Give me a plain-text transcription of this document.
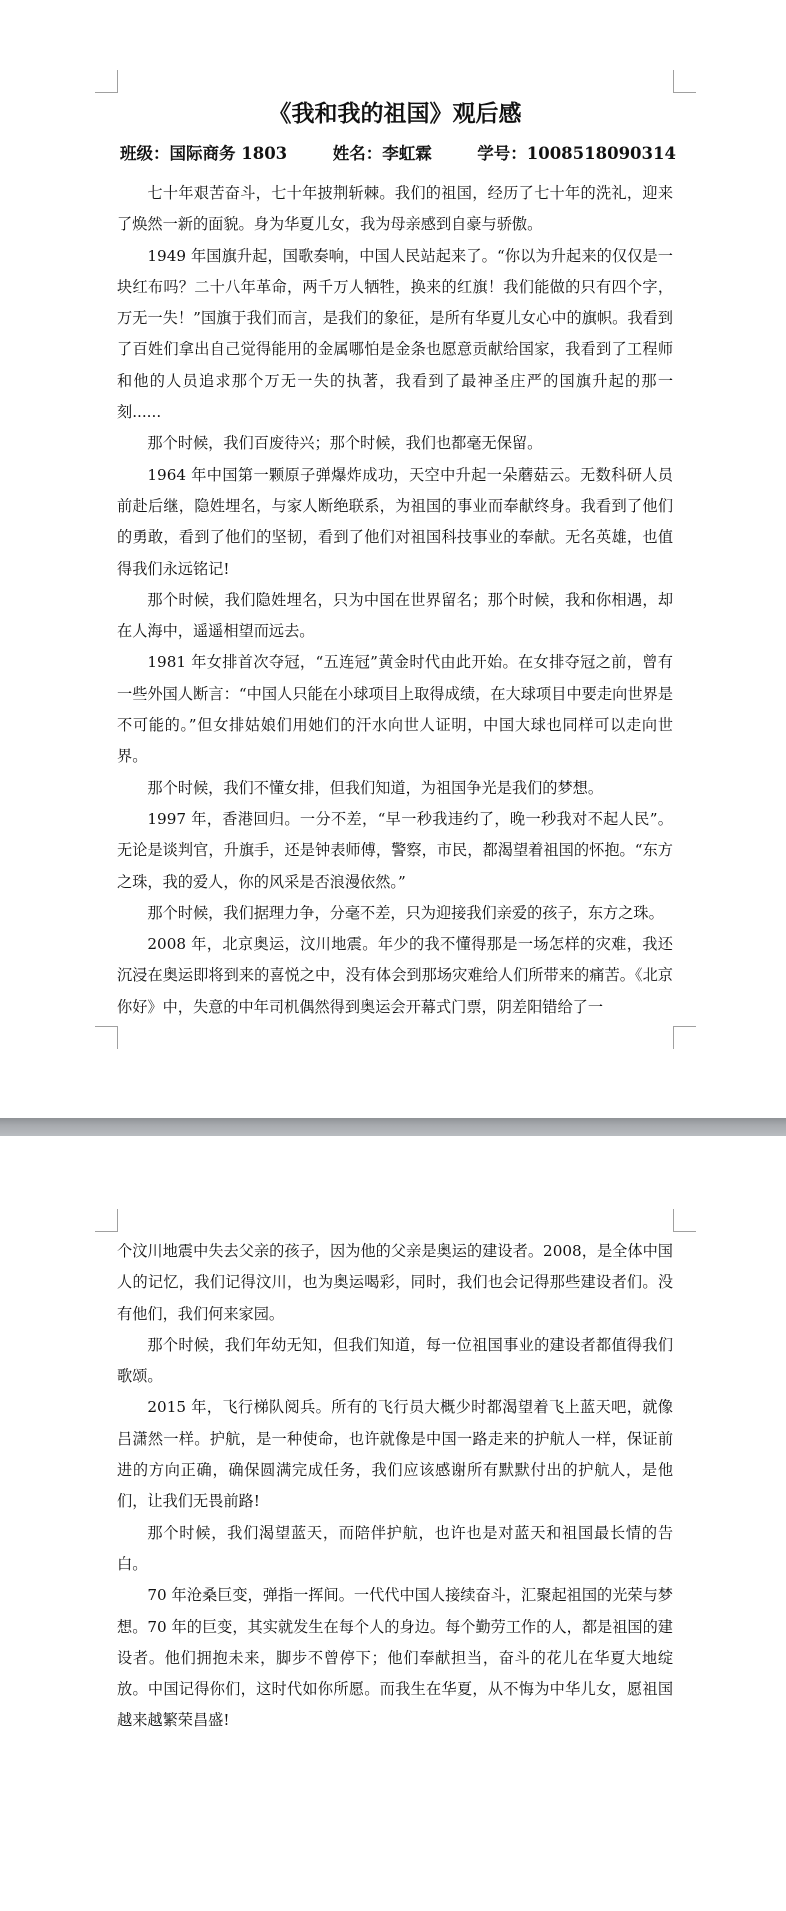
《我和我的祖国》观后感
班级：国际商务 1803	姓名：李虹霖	学号：1008518090314

七十年艰苦奋斗，七十年披荆斩棘。我们的祖国，经历了七十年的洗礼，迎来了焕然一新的面貌。身为华夏儿女，我为母亲感到自豪与骄傲。

1949 年国旗升起，国歌奏响，中国人民站起来了。“你以为升起来的仅仅是一块红布吗？二十八年革命，两千万人牺牲，换来的红旗！我们能做的只有四个字，万无一失！”国旗于我们而言，是我们的象征，是所有华夏儿女心中的旗帜。我看到了百姓们拿出自己觉得能用的金属哪怕是金条也愿意贡献给国家，我看到了工程师和他的人员追求那个万无一失的执著，我看到了最神圣庄严的国旗升起的那一刻......

那个时候，我们百废待兴；那个时候，我们也都毫无保留。

1964 年中国第一颗原子弹爆炸成功，天空中升起一朵蘑菇云。无数科研人员前赴后继，隐姓埋名，与家人断绝联系，为祖国的事业而奉献终身。我看到了他们的勇敢，看到了他们的坚韧，看到了他们对祖国科技事业的奉献。无名英雄，也值得我们永远铭记!

那个时候，我们隐姓埋名，只为中国在世界留名；那个时候，我和你相遇，却在人海中，遥遥相望而远去。

1981 年女排首次夺冠，“五连冠”黄金时代由此开始。在女排夺冠之前，曾有一些外国人断言：“中国人只能在小球项目上取得成绩，在大球项目中要走向世界是不可能的。”但女排姑娘们用她们的汗水向世人证明，中国大球也同样可以走向世界。

那个时候，我们不懂女排，但我们知道，为祖国争光是我们的梦想。

1997 年，香港回归。一分不差，“早一秒我违约了，晚一秒我对不起人民”。无论是谈判官，升旗手，还是钟表师傅，警察，市民，都渴望着祖国的怀抱。“东方之珠，我的爱人，你的风采是否浪漫依然。”

那个时候，我们据理力争，分毫不差，只为迎接我们亲爱的孩子，东方之珠。

2008 年，北京奥运，汶川地震。年少的我不懂得那是一场怎样的灾难，我还沉浸在奥运即将到来的喜悦之中，没有体会到那场灾难给人们所带来的痛苦。《北京你好》中，失意的中年司机偶然得到奥运会开幕式门票，阴差阳错给了一

个汶川地震中失去父亲的孩子，因为他的父亲是奥运的建设者。2008，是全体中国人的记忆，我们记得汶川，也为奥运喝彩，同时，我们也会记得那些建设者们。没有他们，我们何来家园。

那个时候，我们年幼无知，但我们知道，每一位祖国事业的建设者都值得我们歌颂。

2015 年，飞行梯队阅兵。所有的飞行员大概少时都渴望着飞上蓝天吧，就像吕潇然一样。护航，是一种使命，也许就像是中国一路走来的护航人一样，保证前进的方向正确，确保圆满完成任务，我们应该感谢所有默默付出的护航人，是他们，让我们无畏前路!

那个时候，我们渴望蓝天，而陪伴护航，也许也是对蓝天和祖国最长情的告白。

70 年沧桑巨变，弹指一挥间。一代代中国人接续奋斗，汇聚起祖国的光荣与梦想。70 年的巨变，其实就发生在每个人的身边。每个勤劳工作的人，都是祖国的建设者。他们拥抱未来，脚步不曾停下；他们奉献担当，奋斗的花儿在华夏大地绽放。中国记得你们，这时代如你所愿。而我生在华夏，从不悔为中华儿女，愿祖国越来越繁荣昌盛!
